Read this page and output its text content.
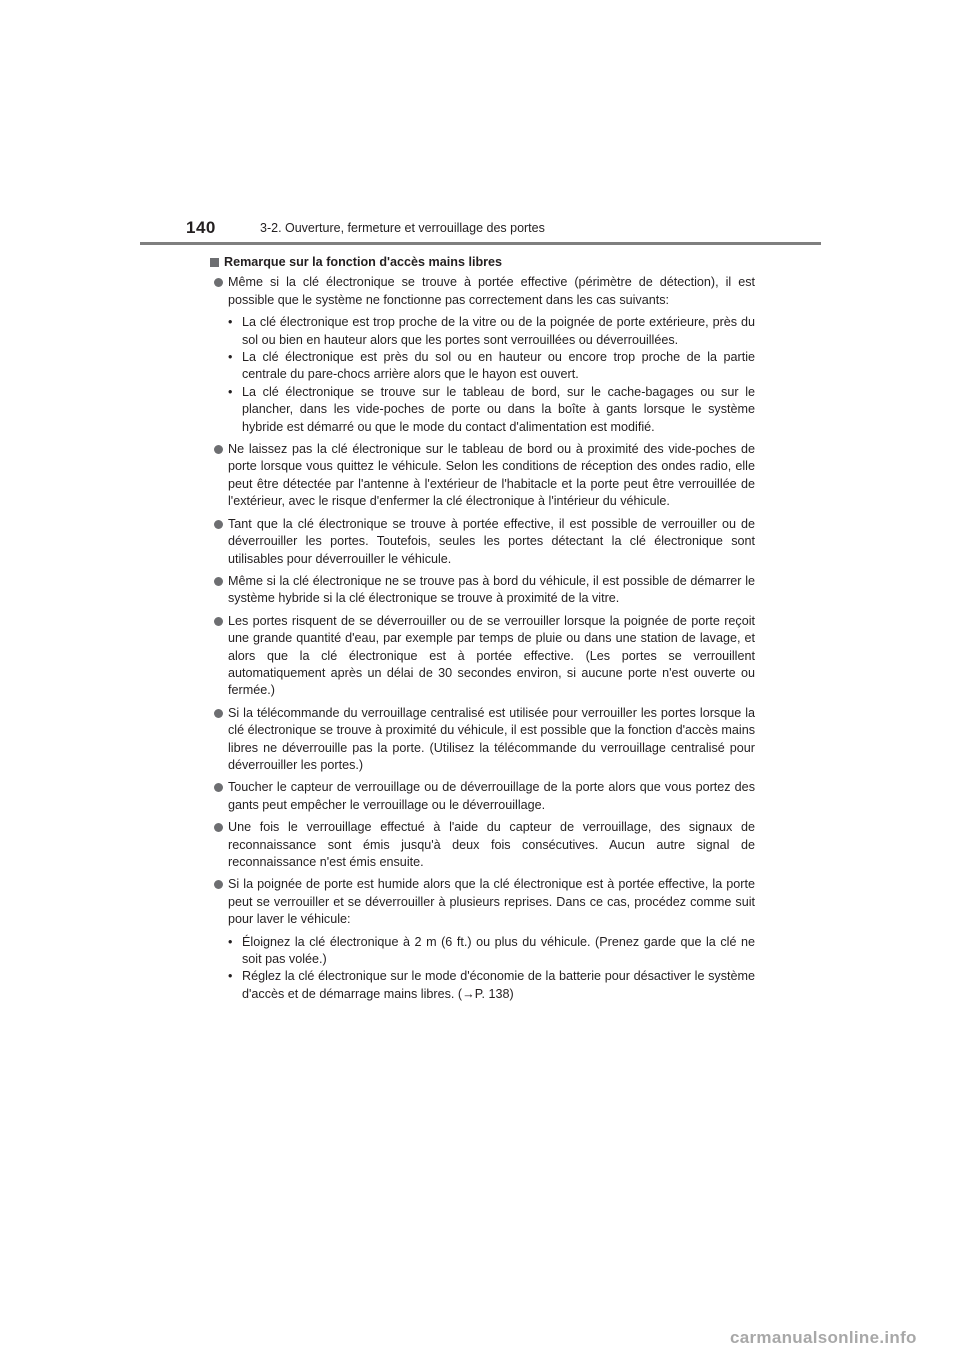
140	3-2. Ouverture, fermeture et verrouillage des portes
Remarque sur la fonction d'accès mains libres
Même si la clé électronique se trouve à portée effective (périmètre de détection), il est possible que le système ne fonctionne pas correctement dans les cas suivants:
• La clé électronique est trop proche de la vitre ou de la poignée de porte extérieure, près du sol ou bien en hauteur alors que les portes sont verrouillées ou déverrouillées.
• La clé électronique est près du sol ou en hauteur ou encore trop proche de la partie centrale du pare-chocs arrière alors que le hayon est ouvert.
• La clé électronique se trouve sur le tableau de bord, sur le cache-bagages ou sur le plancher, dans les vide-poches de porte ou dans la boîte à gants lorsque le système hybride est démarré ou que le mode du contact d'alimentation est modifié.
Ne laissez pas la clé électronique sur le tableau de bord ou à proximité des vide-poches de porte lorsque vous quittez le véhicule. Selon les conditions de réception des ondes radio, elle peut être détectée par l'antenne à l'extérieur de l'habitacle et la porte peut être verrouillée de l'extérieur, avec le risque d'enfermer la clé électronique à l'intérieur du véhicule.
Tant que la clé électronique se trouve à portée effective, il est possible de verrouiller ou de déverrouiller les portes. Toutefois, seules les portes détectant la clé électronique sont utilisables pour déverrouiller le véhicule.
Même si la clé électronique ne se trouve pas à bord du véhicule, il est possible de démarrer le système hybride si la clé électronique se trouve à proximité de la vitre.
Les portes risquent de se déverrouiller ou de se verrouiller lorsque la poignée de porte reçoit une grande quantité d'eau, par exemple par temps de pluie ou dans une station de lavage, et alors que la clé électronique est à portée effective. (Les portes se verrouillent automatiquement après un délai de 30 secondes environ, si aucune porte n'est ouverte ou fermée.)
Si la télécommande du verrouillage centralisé est utilisée pour verrouiller les portes lorsque la clé électronique se trouve à proximité du véhicule, il est possible que la fonction d'accès mains libres ne déverrouille pas la porte. (Utilisez la télécommande du verrouillage centralisé pour déverrouiller les portes.)
Toucher le capteur de verrouillage ou de déverrouillage de la porte alors que vous portez des gants peut empêcher le verrouillage ou le déverrouillage.
Une fois le verrouillage effectué à l'aide du capteur de verrouillage, des signaux de reconnaissance sont émis jusqu'à deux fois consécutives. Aucun autre signal de reconnaissance n'est émis ensuite.
Si la poignée de porte est humide alors que la clé électronique est à portée effective, la porte peut se verrouiller et se déverrouiller à plusieurs reprises. Dans ce cas, procédez comme suit pour laver le véhicule:
• Éloignez la clé électronique à 2 m (6 ft.) ou plus du véhicule. (Prenez garde que la clé ne soit pas volée.)
• Réglez la clé électronique sur le mode d'économie de la batterie pour désactiver le système d'accès et de démarrage mains libres. (→P. 138)
carmanualsonline.info
